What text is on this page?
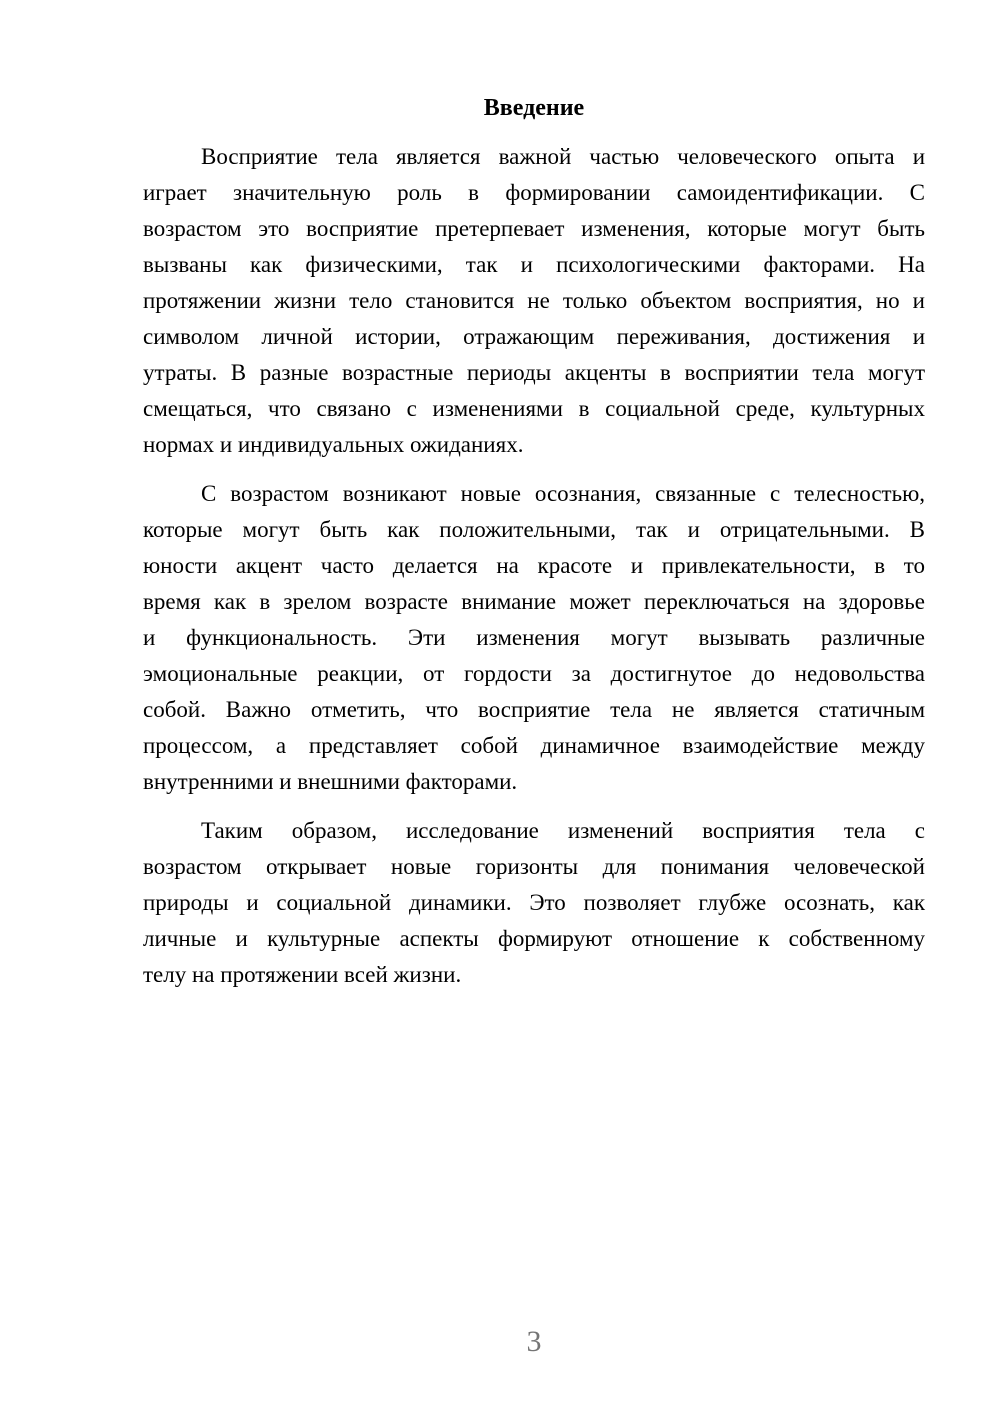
Введение
Восприятие тела является важной частью человеческого опыта и
играет значительную роль в формировании самоидентификации. С
возрастом это восприятие претерпевает изменения, которые могут быть
вызваны как физическими, так и психологическими факторами. На
протяжении жизни тело становится не только объектом восприятия, но и
символом личной истории, отражающим переживания, достижения и
утраты. В разные возрастные периоды акценты в восприятии тела могут
смещаться, что связано с изменениями в социальной среде, культурных
нормах и индивидуальных ожиданиях.
С возрастом возникают новые осознания, связанные с телесностью,
которые могут быть как положительными, так и отрицательными. В
юности акцент часто делается на красоте и привлекательности, в то
время как в зрелом возрасте внимание может переключаться на здоровье
и функциональность. Эти изменения могут вызывать различные
эмоциональные реакции, от гордости за достигнутое до недовольства
собой. Важно отметить, что восприятие тела не является статичным
процессом, а представляет собой динамичное взаимодействие между
внутренними и внешними факторами.
Таким образом, исследование изменений восприятия тела с
возрастом открывает новые горизонты для понимания человеческой
природы и социальной динамики. Это позволяет глубже осознать, как
личные и культурные аспекты формируют отношение к собственному
телу на протяжении всей жизни.
3
